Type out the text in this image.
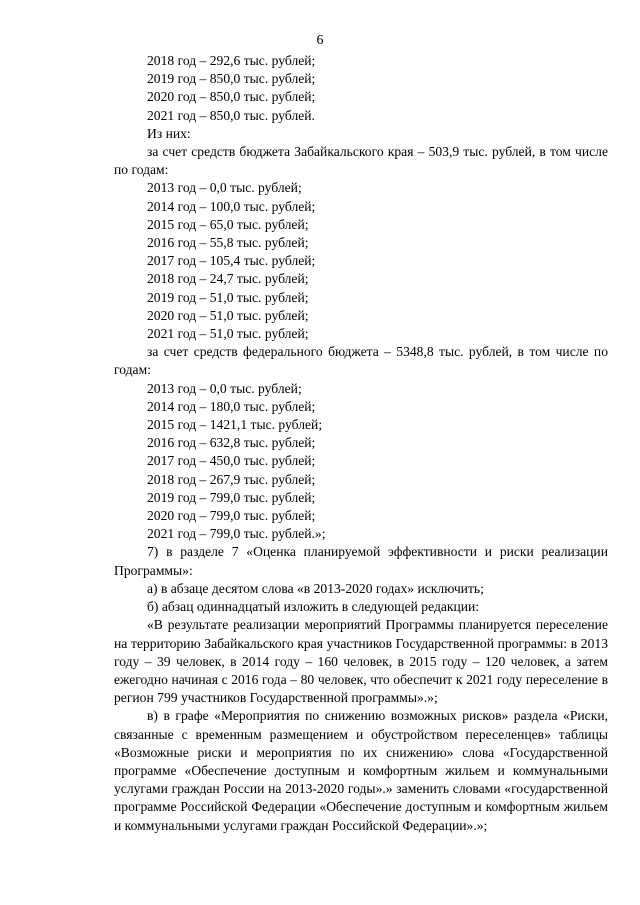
6
2018 год – 292,6 тыс. рублей;
2019 год – 850,0 тыс. рублей;
2020 год – 850,0 тыс. рублей;
2021 год – 850,0 тыс. рублей.
Из них:
за счет средств бюджета Забайкальского края – 503,9 тыс. рублей, в том числе по годам:
2013 год – 0,0 тыс. рублей;
2014 год – 100,0 тыс. рублей;
2015 год – 65,0 тыс. рублей;
2016 год – 55,8 тыс. рублей;
2017 год – 105,4 тыс. рублей;
2018 год – 24,7 тыс. рублей;
2019 год – 51,0 тыс. рублей;
2020 год – 51,0 тыс. рублей;
2021 год – 51,0 тыс. рублей;
за счет средств федерального бюджета – 5348,8 тыс. рублей, в том числе по годам:
2013 год – 0,0 тыс. рублей;
2014 год – 180,0 тыс. рублей;
2015 год – 1421,1 тыс. рублей;
2016 год – 632,8 тыс. рублей;
2017 год – 450,0 тыс. рублей;
2018 год – 267,9 тыс. рублей;
2019 год – 799,0 тыс. рублей;
2020 год – 799,0 тыс. рублей;
2021 год – 799,0 тыс. рублей.»;
7) в разделе 7 «Оценка планируемой эффективности и риски реализации Программы»:
а) в абзаце десятом слова «в 2013-2020 годах» исключить;
б) абзац одиннадцатый изложить в следующей редакции:
«В результате реализации мероприятий Программы планируется переселение на территорию Забайкальского края участников Государственной программы: в 2013 году – 39 человек, в 2014 году – 160 человек, в 2015 году – 120 человек, а затем ежегодно начиная с 2016 года – 80 человек, что обеспечит к 2021 году переселение в регион 799 участников Государственной программы».»;
в) в графе «Мероприятия по снижению возможных рисков» раздела «Риски, связанные с временным размещением и обустройством переселенцев» таблицы «Возможные риски и мероприятия по их снижению» слова «Государственной программе «Обеспечение доступным и комфортным жильем и коммунальными услугами граждан России на 2013-2020 годы».» заменить словами «государственной программе Российской Федерации «Обеспечение доступным и комфортным жильем и коммунальными услугами граждан Российской Федерации».»;
